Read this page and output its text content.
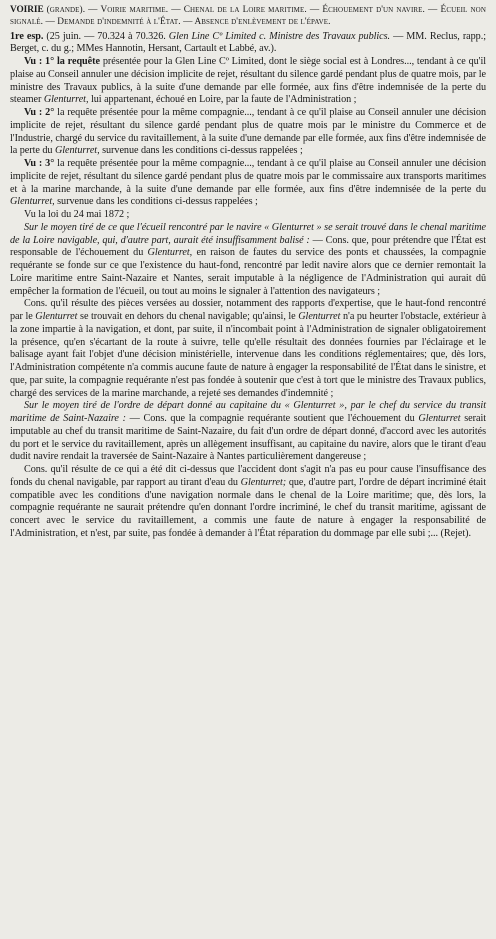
VOIRIE (grande). — Voirie maritime. — Chenal de la Loire maritime. — Échouement d'un navire. — Écueil non signalé. — Demande d'indemnité à l'État. — Absence d'enlèvement de l'épave.

1re esp. (25 juin. — 70.324 à 70.326. Glen Line Cº Limited c. Ministre des Travaux publics. — MM. Reclus, rapp.; Berget, c. du g.; MMes Hannotin, Hersant, Cartault et Labbé, av.).

Vu : 1° la requête présentée pour la Glen Line Cº Limited, dont le siège social est à Londres..., tendant à ce qu'il plaise au Conseil annuler une décision implicite de rejet, résultant du silence gardé pendant plus de quatre mois, par le ministre des Travaux publics, à la suite d'une demande par elle formée, aux fins d'être indemnisée de la perte du steamer Glenturret, lui appartenant, échoué en Loire, par la faute de l'Administration ;

Vu : 2° la requête présentée pour la même compagnie..., tendant à ce qu'il plaise au Conseil annuler une décision implicite de rejet, résultant du silence gardé pendant plus de quatre mois par le ministre du Commerce et de l'Industrie, chargé du service du ravitaillement, à la suite d'une demande par elle formée, aux fins d'être indemnisée de la perte du Glenturret, survenue dans les conditions ci-dessus rappelées ;

Vu : 3° la requête présentée pour la même compagnie..., tendant à ce qu'il plaise au Conseil annuler une décision implicite de rejet, résultant du silence gardé pendant plus de quatre mois par le commissaire aux transports maritimes et à la marine marchande, à la suite d'une demande par elle formée, aux fins d'être indemnisée de la perte du Glenturret, survenue dans les conditions ci-dessus rappelées ;

Vu la loi du 24 mai 1872 ;

Sur le moyen tiré de ce que l'écueil rencontré par le navire « Glenturret » se serait trouvé dans le chenal maritime de la Loire navigable, qui, d'autre part, aurait été insuffisamment balisé : — Cons. que, pour prétendre que l'État est responsable de l'échouement du Glenturret, en raison de fautes du service des ponts et chaussées, la compagnie requérante se fonde sur ce que l'existence du haut-fond, rencontré par ledit navire alors que ce dernier remontait la Loire maritime entre Saint-Nazaire et Nantes, serait imputable à la négligence de l'Administration qui aurait dû empêcher la formation de l'écueil, ou tout au moins le signaler à l'attention des navigateurs ;

Cons. qu'il résulte des pièces versées au dossier, notamment des rapports d'expertise, que le haut-fond rencontré par le Glenturret se trouvait en dehors du chenal navigable; qu'ainsi, le Glenturret n'a pu heurter l'obstacle, extérieur à la zone impartie à la navigation, et dont, par suite, il n'incombait point à l'Administration de signaler obligatoirement la présence, qu'en s'écartant de la route à suivre, telle qu'elle résultait des données fournies par l'éclairage et le balisage ayant fait l'objet d'une décision ministérielle, intervenue dans les conditions réglementaires; que, dès lors, l'Administration compétente n'a commis aucune faute de nature à engager la responsabilité de l'État dans le sinistre, et que, par suite, la compagnie requérante n'est pas fondée à soutenir que c'est à tort que le ministre des Travaux publics, chargé des services de la marine marchande, a rejeté ses demandes d'indemnité ;

Sur le moyen tiré de l'ordre de départ donné au capitaine du « Glenturret », par le chef du service du transit maritime de Saint-Nazaire : — Cons. que la compagnie requérante soutient que l'échouement du Glenturret serait imputable au chef du transit maritime de Saint-Nazaire, du fait d'un ordre de départ donné, d'accord avec les autorités du port et le service du ravitaillement, après un allègement insuffisant, au capitaine du navire, alors que le tirant d'eau dudit navire rendait la traversée de Saint-Nazaire à Nantes particulièrement dangereuse ;

Cons. qu'il résulte de ce qui a été dit ci-dessus que l'accident dont s'agit n'a pas eu pour cause l'insuffisance des fonds du chenal navigable, par rapport au tirant d'eau du Glenturret; que, d'autre part, l'ordre de départ incriminé était compatible avec les conditions d'une navigation normale dans le chenal de la Loire maritime; que, dès lors, la compagnie requérante ne saurait prétendre qu'en donnant l'ordre incriminé, le chef du transit maritime, agissant de concert avec le service du ravitaillement, a commis une faute de nature à engager la responsabilité de l'Administration, et n'est, par suite, pas fondée à demander à l'État réparation du dommage par elle subi ;... (Rejet).
